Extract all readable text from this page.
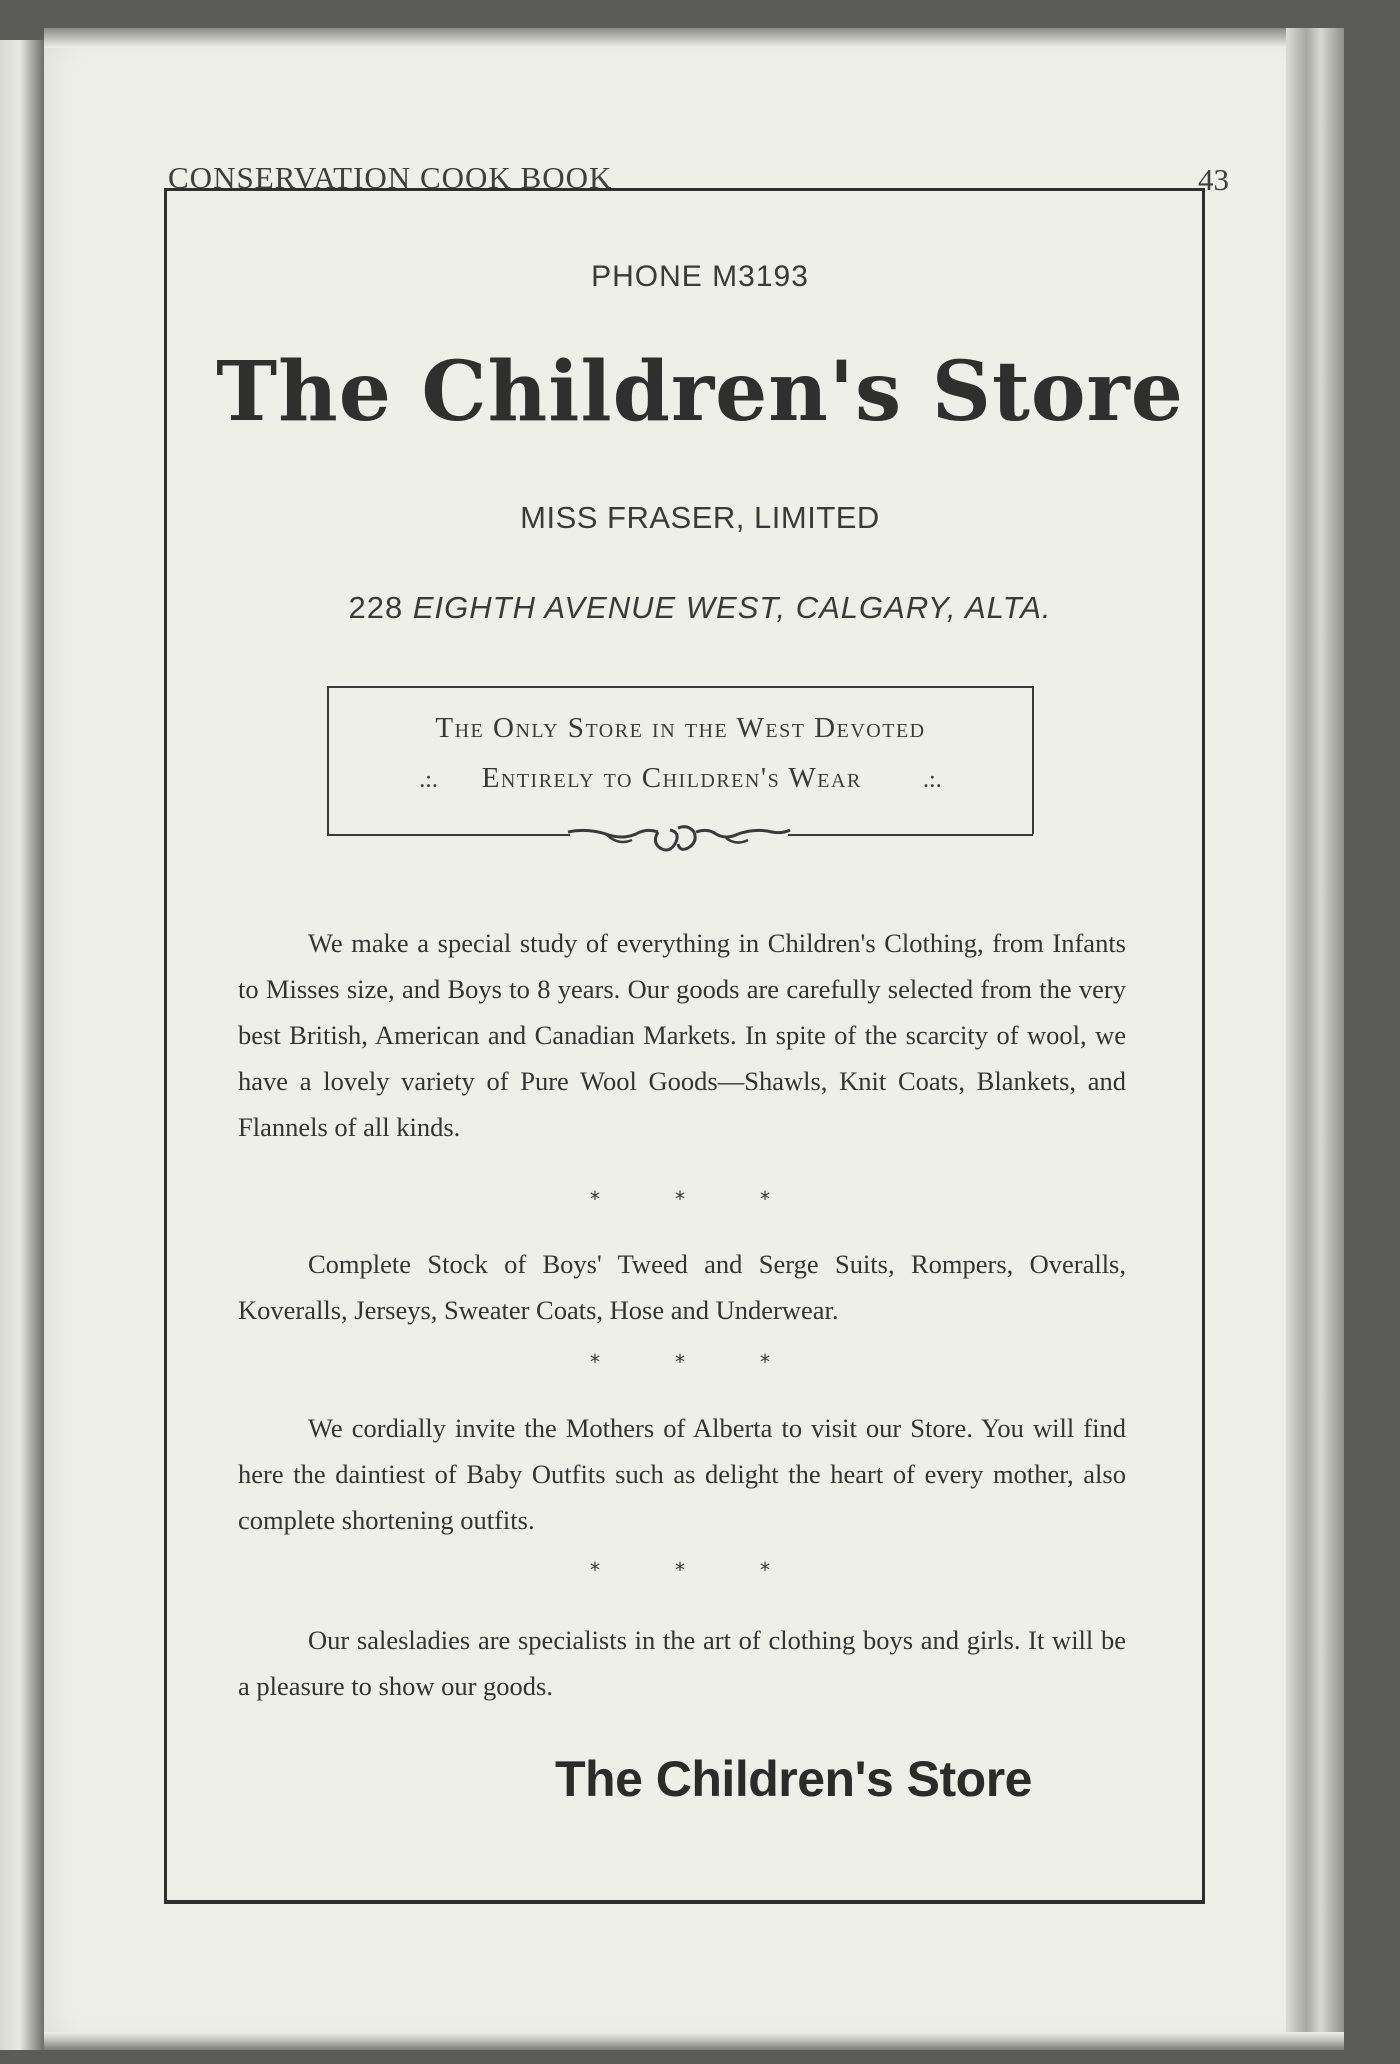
CONSERVATION COOK BOOK	43
PHONE M3193
The Children's Store
MISS FRASER, LIMITED
228 EIGHTH AVENUE WEST, CALGARY, ALTA.
The Only Store in the West Devoted
.:. Entirely to Children's Wear	.:.
We make a special study of everything in Children's Clothing, from Infants to Misses size, and Boys to 8 years. Our goods are carefully selected from the very best British, American and Canadian Markets. In spite of the scarcity of wool, we have a lovely variety of Pure Wool Goods—Shawls, Knit Coats, Blankets, and Flannels of all kinds.
*	*	*
Complete Stock of Boys' Tweed and Serge Suits, Rompers, Overalls, Koveralls, Jerseys, Sweater Coats, Hose and Underwear.
*	*	*
We cordially invite the Mothers of Alberta to visit our Store. You will find here the daintiest of Baby Outfits such as delight the heart of every mother, also complete shortening outfits.
*	*	*
Our salesladies are specialists in the art of clothing boys and girls. It will be a pleasure to show our goods.
The Children's Store
